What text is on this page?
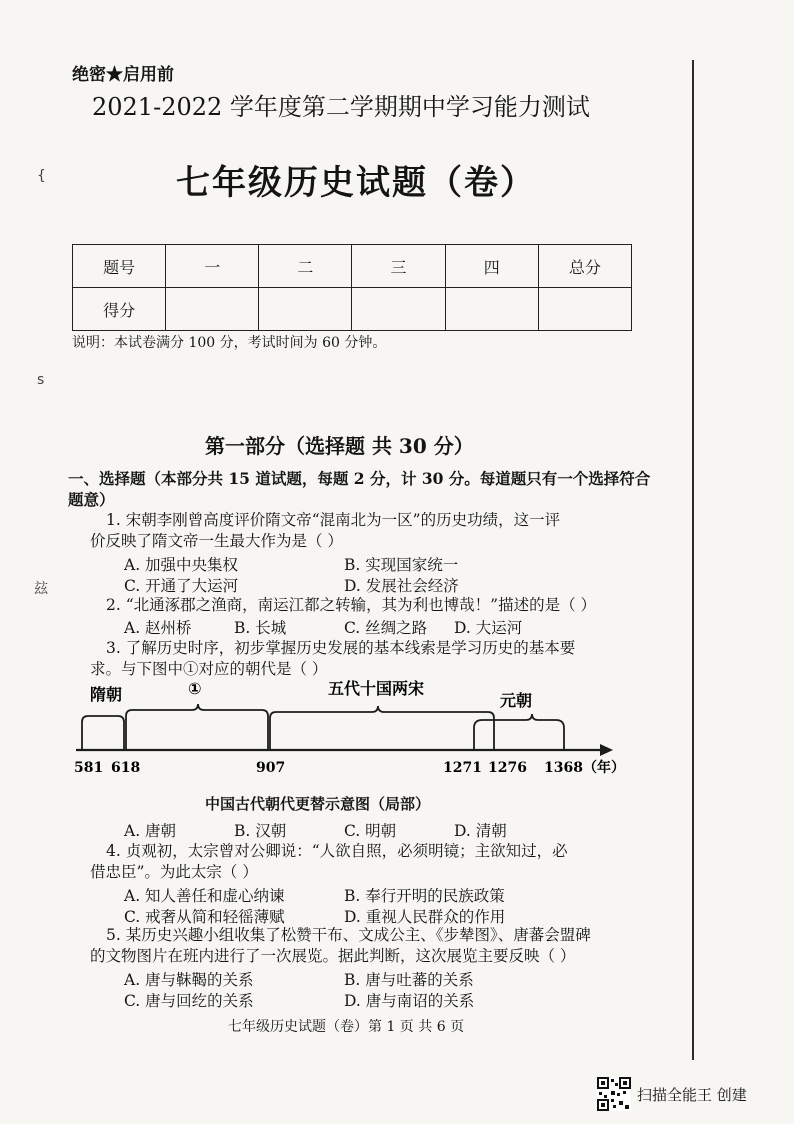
{
s
玆
绝密★启用前
2021-2022 学年度第二学期期中学习能力测试
七年级历史试题（卷）
题号	一	二	三	四	总分
得分					
说明：本试卷满分 100 分，考试时间为 60 分钟。
第一部分（选择题 共 30 分）
一、选择题（本部分共 15 道试题，每题 2 分，计 30 分。每道题只有一个选择符合题意）
1. 宋朝李刚曾高度评价隋文帝“混南北为一区”的历史功绩，这一评
价反映了隋文帝一生最大作为是（ ）
A. 加强中央集权	B. 实现国家统一
C. 开通了大运河	D. 发展社会经济
2. “北通涿郡之渔商，南运江都之转输，其为利也博哉！”描述的是（ ）
A. 赵州桥	B. 长城	C. 丝绸之路 D. 大运河
3. 了解历史时序，初步掌握历史发展的基本线索是学习历史的基本要
求。与下图中①对应的朝代是（ ）
隋朝	①	五代十国两宋
元朝
581 618	907	1271 1276 1368（年）
中国古代朝代更替示意图（局部）
A. 唐朝	B. 汉朝	C. 明朝	D. 清朝
4. 贞观初，太宗曾对公卿说：“人欲自照，必须明镜；主欲知过，必
借忠臣”。为此太宗（ ）
A. 知人善任和虚心纳谏	B. 奉行开明的民族政策
C. 戒奢从简和轻徭薄赋	D. 重视人民群众的作用
5. 某历史兴趣小组收集了松赞干布、文成公主、《步辇图》、唐蕃会盟碑
的文物图片在班内进行了一次展览。据此判断，这次展览主要反映（ ）
A. 唐与靺鞨的关系	B. 唐与吐蕃的关系
C. 唐与回纥的关系	D. 唐与南诏的关系
七年级历史试题（卷）第 1 页 共 6 页
扫描全能王 创建
